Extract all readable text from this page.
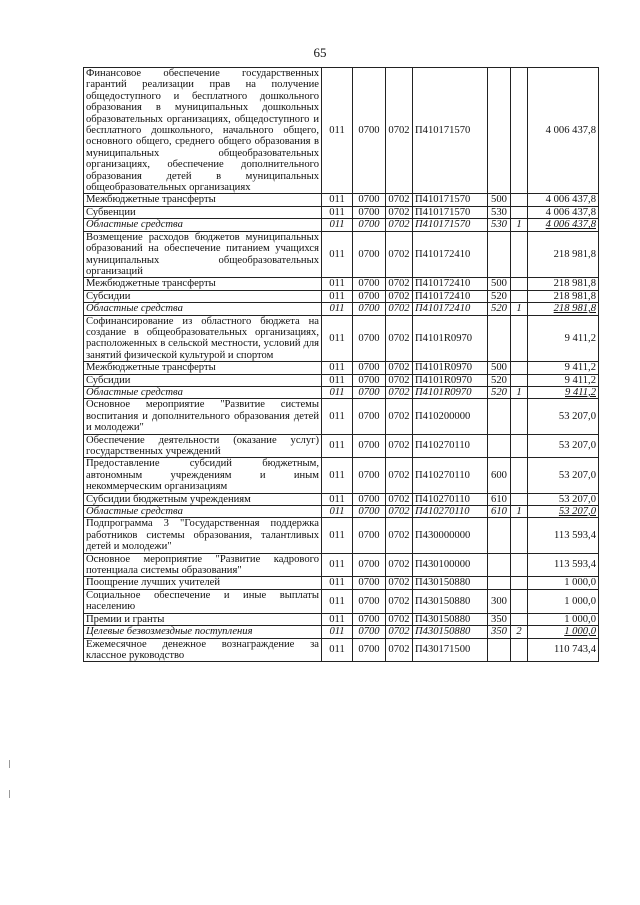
65
Финансовое обеспечение государственных гарантий реализации прав на получение общедоступного и бесплатного дошкольного образования в муниципальных дошкольных образовательных организациях, общедоступного и бесплатного дошкольного, начального общего, основного общего, среднего общего образования в муниципальных общеобразовательных организациях, обеспечение дополнительного образования детей в муниципальных общеобразовательных организациях	011	0700	0702	П410171570			4 006 437,8
Межбюджетные трансферты	011	0700	0702	П410171570	500		4 006 437,8
Субвенции	011	0700	0702	П410171570	530		4 006 437,8
Областные средства	011	0700	0702	П410171570	530	1	4 006 437,8
Возмещение расходов бюджетов муниципальных образований на обеспечение питанием учащихся муниципальных общеобразовательных организаций	011	0700	0702	П410172410			218 981,8
Межбюджетные трансферты	011	0700	0702	П410172410	500		218 981,8
Субсидии	011	0700	0702	П410172410	520		218 981,8
Областные средства	011	0700	0702	П410172410	520	1	218 981,8
Софинансирование из областного бюджета на создание в общеобразовательных организациях, расположенных в сельской местности, условий для занятий физической культурой и спортом	011	0700	0702	П4101R0970			9 411,2
Межбюджетные трансферты	011	0700	0702	П4101R0970	500		9 411,2
Субсидии	011	0700	0702	П4101R0970	520		9 411,2
Областные средства	011	0700	0702	П4101R0970	520	1	9 411,2
Основное мероприятие "Развитие системы воспитания и дополнительного образования детей и молодежи"	011	0700	0702	П410200000			53 207,0
Обеспечение деятельности (оказание услуг) государственных учреждений	011	0700	0702	П410270110			53 207,0
Предоставление субсидий бюджетным, автономным учреждениям и иным некоммерческим организациям	011	0700	0702	П410270110	600		53 207,0
Субсидии бюджетным учреждениям	011	0700	0702	П410270110	610		53 207,0
Областные средства	011	0700	0702	П410270110	610	1	53 207,0
Подпрограмма 3 "Государственная поддержка работников системы образования, талантливых детей и молодежи"	011	0700	0702	П430000000			113 593,4
Основное мероприятие "Развитие кадрового потенциала системы образования"	011	0700	0702	П430100000			113 593,4
Поощрение лучших учителей	011	0700	0702	П430150880			1 000,0
Социальное обеспечение и иные выплаты населению	011	0700	0702	П430150880	300		1 000,0
Премии и гранты	011	0700	0702	П430150880	350		1 000,0
Целевые безвозмездные поступления	011	0700	0702	П430150880	350	2	1 000,0
Ежемесячное денежное вознаграждение за классное руководство	011	0700	0702	П430171500			110 743,4
